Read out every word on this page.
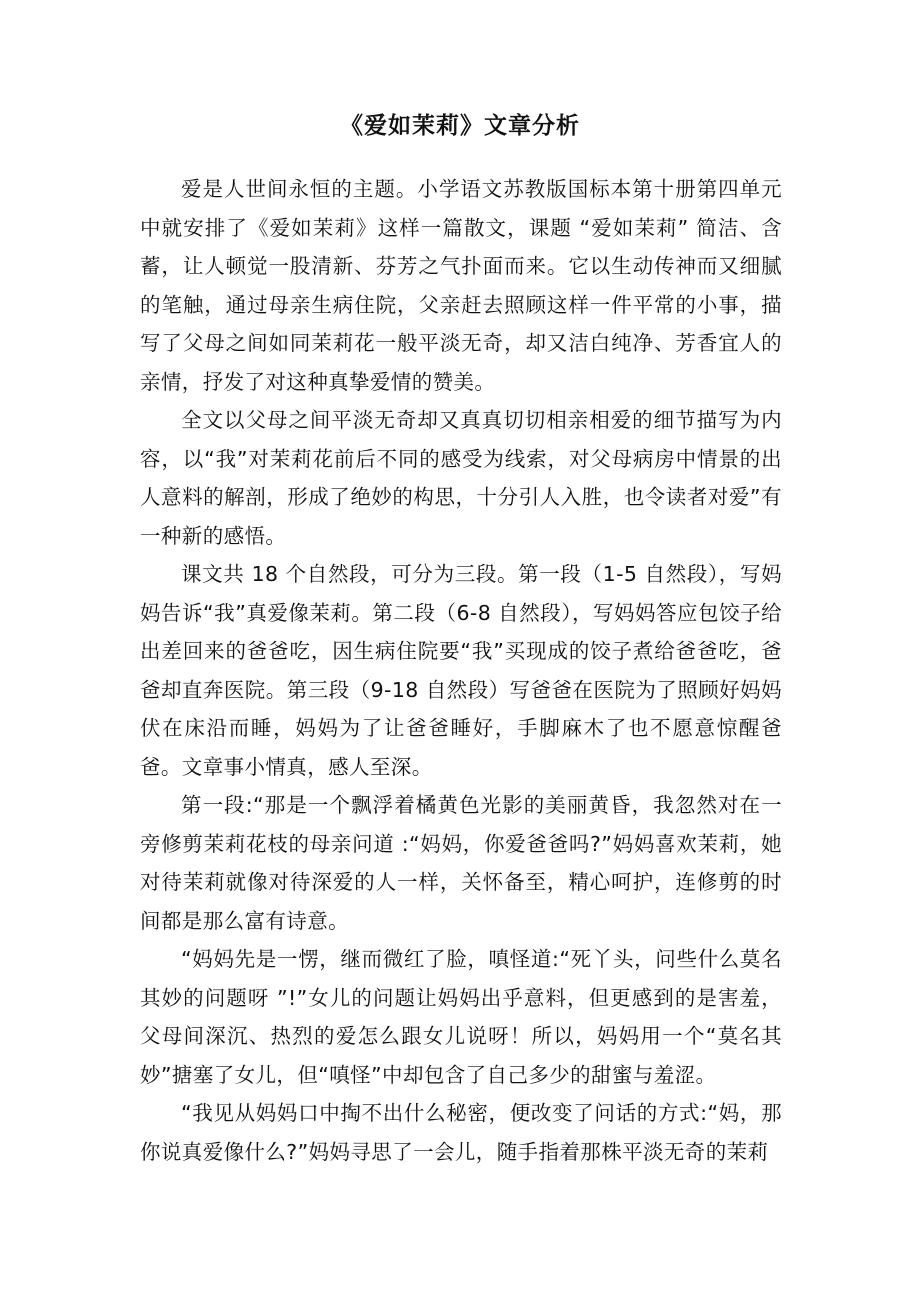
《爱如茉莉》文章分析

爱是人世间永恒的主题。小学语文苏教版国标本第十册第四单元中就安排了《爱如茉莉》这样一篇散文，课题 “爱如茉莉” 简洁、含蓄，让人顿觉一股清新、芬芳之气扑面而来。它以生动传神而又细腻的笔触，通过母亲生病住院，父亲赶去照顾这样一件平常的小事，描写了父母之间如同茉莉花一般平淡无奇，却又洁白纯净、芳香宜人的亲情，抒发了对这种真挚爱情的赞美。

全文以父母之间平淡无奇却又真真切切相亲相爱的细节描写为内容，以“我”对茉莉花前后不同的感受为线索，对父母病房中情景的出人意料的解剖，形成了绝妙的构思，十分引人入胜，也令读者对爱”有一种新的感悟。

课文共 18 个自然段，可分为三段。第一段（1-5 自然段），写妈妈告诉“我”真爱像茉莉。第二段（6-8 自然段），写妈妈答应包饺子给出差回来的爸爸吃，因生病住院要“我”买现成的饺子煮给爸爸吃，爸爸却直奔医院。第三段（9-18 自然段）写爸爸在医院为了照顾好妈妈伏在床沿而睡，妈妈为了让爸爸睡好，手脚麻木了也不愿意惊醒爸爸。文章事小情真，感人至深。

第一段:“那是一个飘浮着橘黄色光影的美丽黄昏，我忽然对在一旁修剪茉莉花枝的母亲问道 :“妈妈，你爱爸爸吗?”妈妈喜欢茉莉，她对待茉莉就像对待深爱的人一样，关怀备至，精心呵护，连修剪的时间都是那么富有诗意。

“妈妈先是一愣，继而微红了脸，嗔怪道:“死丫头，问些什么莫名其妙的问题呀 ”!”女儿的问题让妈妈出乎意料，但更感到的是害羞，父母间深沉、热烈的爱怎么跟女儿说呀！所以，妈妈用一个“莫名其妙”搪塞了女儿，但“嗔怪”中却包含了自己多少的甜蜜与羞涩。

“我见从妈妈口中掏不出什么秘密，便改变了问话的方式:“妈，那你说真爱像什么?”妈妈寻思了一会儿，随手指着那株平淡无奇的茉莉
